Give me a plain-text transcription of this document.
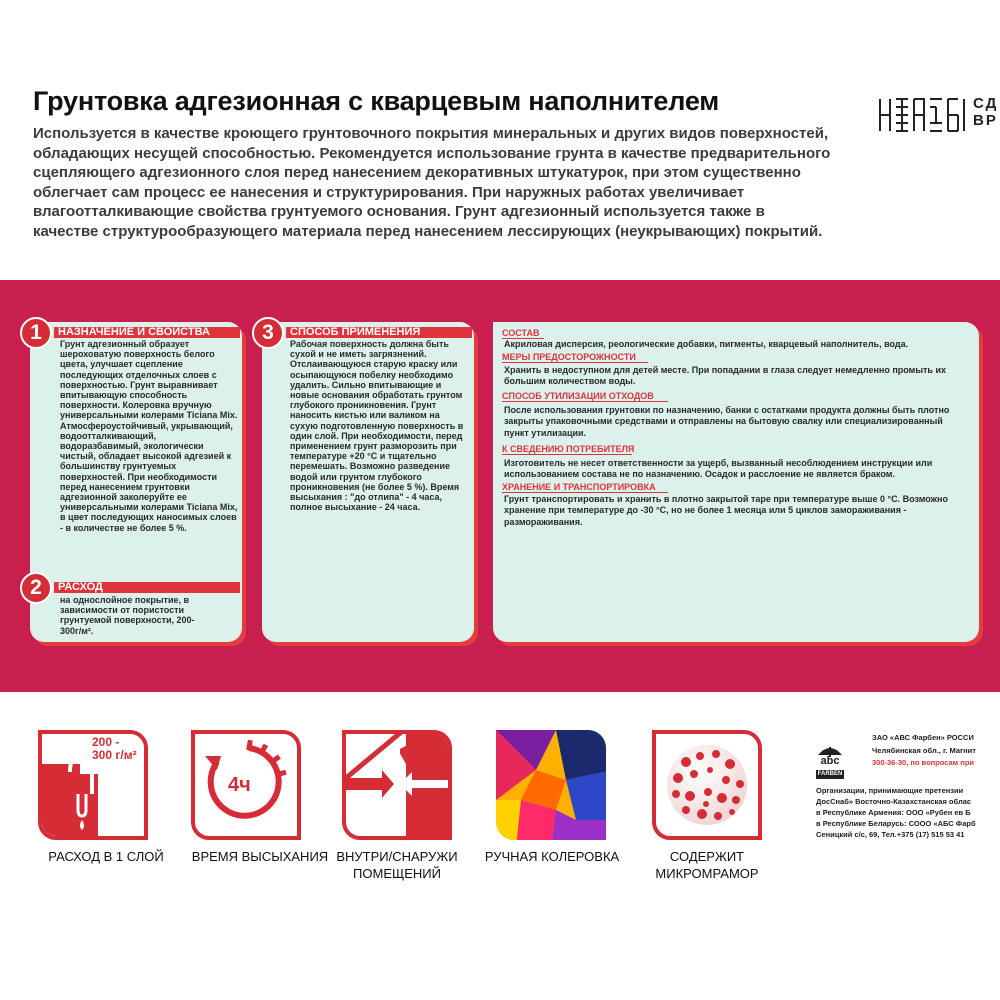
Грунтовка адгезионная с кварцевым наполнителем
Используется в качестве кроющего грунтовочного покрытия минеральных и других видов поверхностей, обладающих несущей способностью. Рекомендуется использование грунта в качестве предварительного сцепляющего адгезионного слоя перед нанесением декоративных штукатурок, при этом существенно облегчает сам процесс ее нанесения и структурирования. При наружных работах увеличивает влагоотталкивающие свойства грунтуемого основания. Грунт адгезионный используется также в качестве структурообразующего материала перед нанесением лессирующих (неукрывающих) покрытий.
СД
ВР
1	НАЗНАЧЕНИЕ И СВОЙСТВА
Грунт адгезионный образует шероховатую поверхность белого цвета, улучшает сцепление последующих отделочных слоев с поверхностью. Грунт выравнивает впитывающую способность поверхности. Колеровка вручную универсальными колерами Ticiana Mix. Атмосфероустойчивый, укрывающий, водоотталкивающий, водоразбавимый, экологически чистый, обладает высокой адгезией к большинству грунтуемых поверхностей. При необходимости перед нанесением грунтовки адгезионной заколеруйте ее универсальными колерами Ticiana Mix, в цвет последующих наносимых слоев - в количестве не более 5 %.
2	РАСХОД
на однослойное покрытие, в зависимости от пористости грунтуемой поверхности, 200-300г/м².
3	СПОСОБ ПРИМЕНЕНИЯ
Рабочая поверхность должна быть сухой и не иметь загрязнений. Отслаивающуюся старую краску или осыпающуюся побелку необходимо удалить. Сильно впитывающие и новые основания обработать грунтом глубокого проникновения. Грунт наносить кистью или валиком на сухую подготовленную поверхность в один слой. При необходимости, перед применением грунт разморозить при температуре +20 °С и тщательно перемешать. Возможно разведение водой или грунтом глубокого проникновения (не более 5 %). Время высыхания : "до отлипа" - 4 часа, полное высыхание - 24 часа.
СОСТАВ
Акриловая дисперсия, реологические добавки, пигменты, кварцевый наполнитель, вода.
МЕРЫ ПРЕДОСТОРОЖНОСТИ
Хранить в недоступном для детей месте. При попадании в глаза следует немедленно промыть их большим количеством воды.
СПОСОБ УТИЛИЗАЦИИ ОТХОДОВ
После использования грунтовки по назначению, банки с остатками продукта должны быть плотно закрыты упаковочными средствами и отправлены на бытовую свалку или специализированный пункт утилизации.
К СВЕДЕНИЮ ПОТРЕБИТЕЛЯ
Изготовитель не несет ответственности за ущерб, вызванный несоблюдением инструкции или использованием состава не по назначению. Осадок и расслоение не является браком.
ХРАНЕНИЕ И ТРАНСПОРТИРОВКА
Грунт транспортировать и хранить в плотно закрытой таре при температуре выше 0 °С. Возможно хранение при температуре до -30 °С, но не более 1 месяца или 5 циклов замораживания - размораживания.
200 -
300 г/м²
РАСХОД В 1 СЛОЙ
4ч
ВРЕМЯ ВЫСЫХАНИЯ ВНУТРИ/СНАРУЖИ
ПОМЕЩЕНИЙ
РУЧНАЯ КОЛЕРОВКА	СОДЕРЖИТ
МИКРОМРАМОР
abc
FARBEN
ЗАО «АВС Фарбен» РОССИ
Челябинская обл., г. Магнит
300-36-30, по вопросам при
Организации, принимающие претензии
ДосСнаб» Восточно-Казахстанская облас
в Республике Армения: ООО «Рубен ев Б
в Республике Беларусь: СООО «АБС Фарб
Сеницкий с/с, 69, Тел.+375 (17) 515 53 41
